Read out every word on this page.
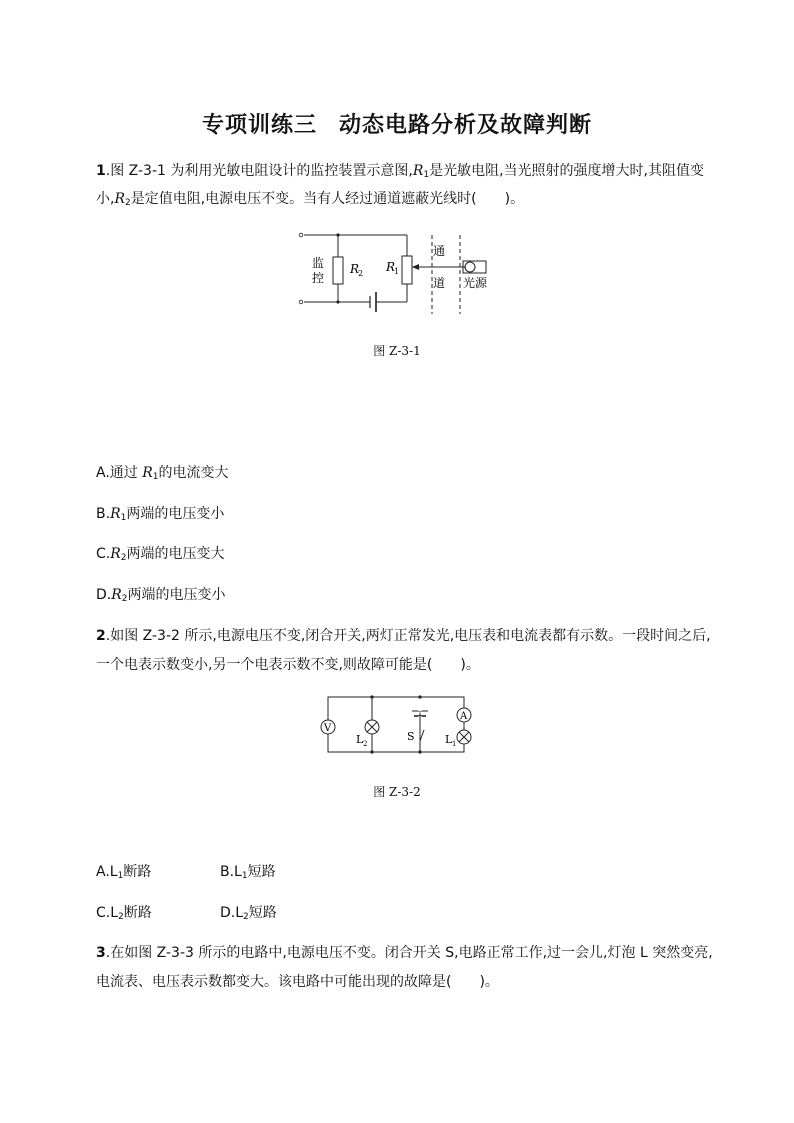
专项训练三 动态电路分析及故障判断
1.图 Z-3-1 为利用光敏电阻设计的监控装置示意图$,R_1$是光敏电阻,当光照射的强度增大时,其阻值变
小$,R_2$是定值电阻,电源电压不变。当有人经过通道遮蔽光线时(　　)。
监
控
R
2 R
1
通
道 光源
图 Z-3-1
A.通过 $R_1$的电流变大
$B.R_1$两端的电压变小
$C.R_2$两端的电压变大
$D.R_2$两端的电压变小
2.如图 Z-3-2 所示,电源电压不变,闭合开关,两灯正常发光,电压表和电流表都有示数。一段时间之后,
一个电表示数变小,另一个电表示数不变,则故障可能是(　　)。
V
A
L 2
S	L 1
图 Z-3-2
$A.L_1$断路	$B.L_1$短路
$C.L_2$断路	$D.L_2$短路
3.在如图 Z-3-3 所示的电路中,电源电压不变。闭合开关 S,电路正常工作,过一会儿,灯泡 L 突然变亮,
电流表、电压表示数都变大。该电路中可能出现的故障是(　　)。
